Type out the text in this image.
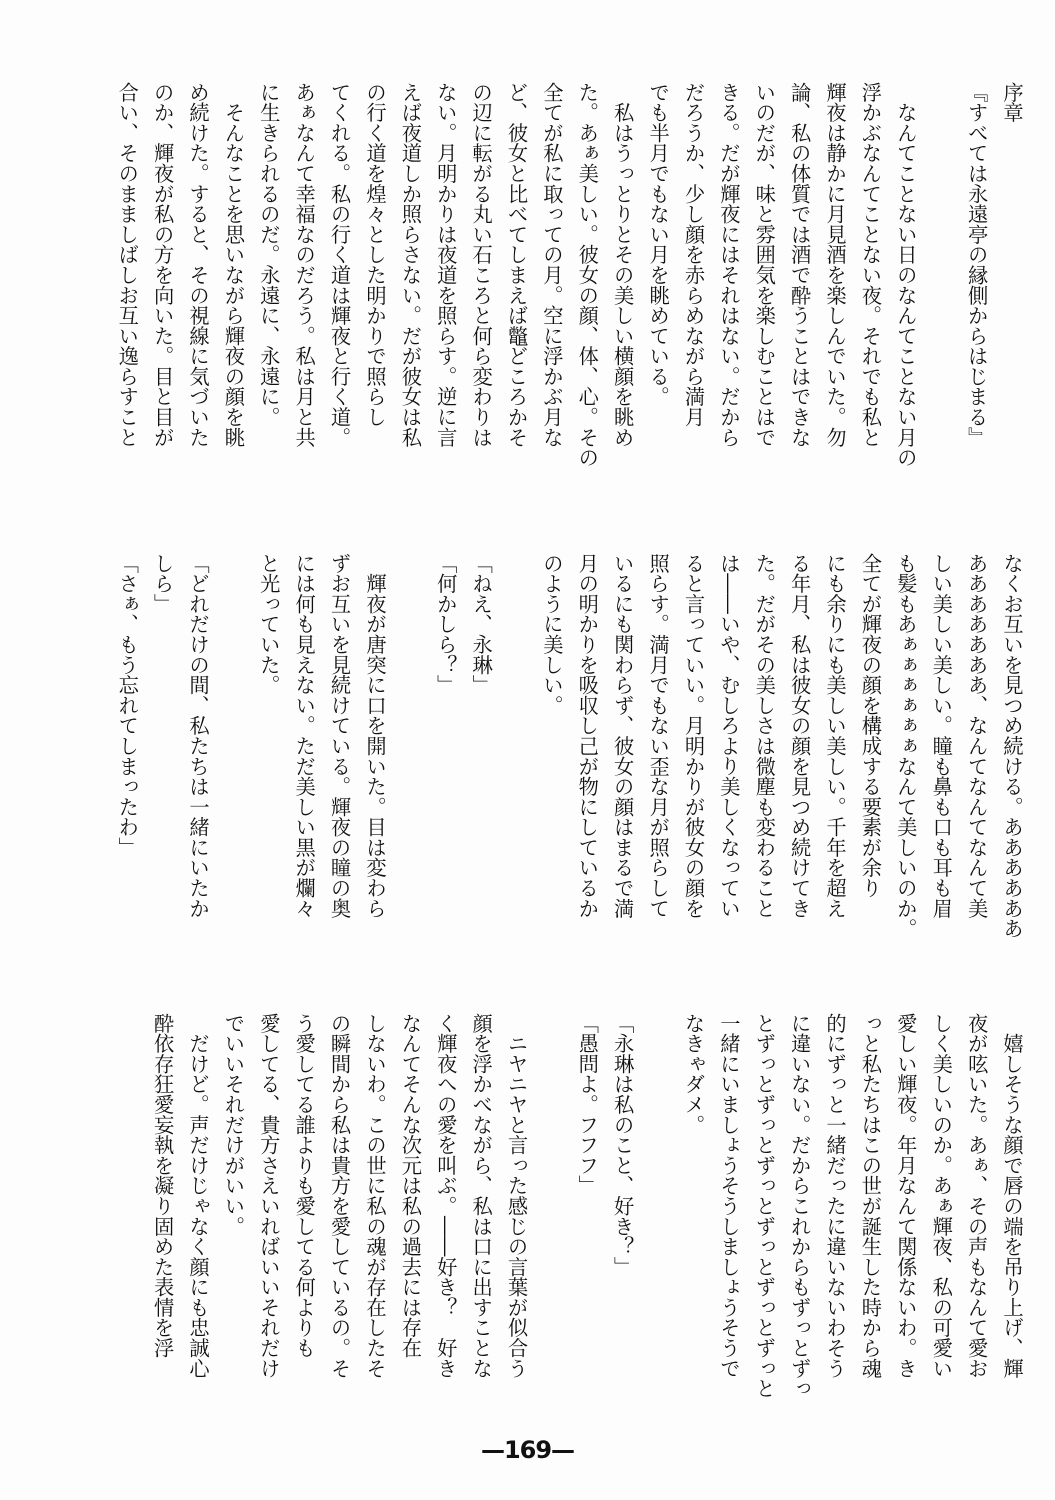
序章
『すべては永遠亭の縁側からはじまる』
　なんてことない日のなんてことない月の
浮かぶなんてことない夜。それでも私と
輝夜は静かに月見酒を楽しんでいた。勿
論、私の体質では酒で酔うことはできな
いのだが、味と雰囲気を楽しむことはで
きる。だが輝夜にはそれはない。だから
だろうか、少し顔を赤らめながら満月
でも半月でもない月を眺めている。
　私はうっとりとその美しい横顔を眺め
た。あぁ美しい。彼女の顔、体、心。その
全てが私に取っての月。空に浮かぶ月な
ど、彼女と比べてしまえば鼈どころかそ
の辺に転がる丸い石ころと何ら変わりは
ない。月明かりは夜道を照らす。逆に言
えば夜道しか照らさない。だが彼女は私
の行く道を煌々とした明かりで照らし
てくれる。私の行く道は輝夜と行く道。
あぁなんて幸福なのだろう。私は月と共
に生きられるのだ。永遠に、永遠に。
　そんなことを思いながら輝夜の顔を眺
め続けた。すると、その視線に気づいた
のか、輝夜が私の方を向いた。目と目が
合い、そのまましばしお互い逸らすこと
なくお互いを見つめ続ける。ああああああ
あああああああ、なんてなんてなんて美
しい美しい美しい。瞳も鼻も口も耳も眉
も髪もあぁぁぁぁぁぁなんて美しいのか。
全てが輝夜の顔を構成する要素が余り
にも余りにも美しい美しい。千年を超え
る年月、私は彼女の顔を見つめ続けてき
た。だがその美しさは微塵も変わること
は――いや、むしろより美しくなってい
ると言っていい。月明かりが彼女の顔を
照らす。満月でもない歪な月が照らして
いるにも関わらず、彼女の顔はまるで満
月の明かりを吸収し己が物にしているか
のように美しい。
「ねえ、永琳」
「何かしら？」
　輝夜が唐突に口を開いた。目は変わら
ずお互いを見続けている。輝夜の瞳の奥
には何も見えない。ただ美しい黒が爛々
と光っていた。
「どれだけの間、私たちは一緒にいたか
しら」
「さぁ、もう忘れてしまったわ」
　嬉しそうな顔で唇の端を吊り上げ、輝
夜が呟いた。あぁ、その声もなんて愛お
しく美しいのか。あぁ輝夜、私の可愛い
愛しい輝夜。年月なんて関係ないわ。き
っと私たちはこの世が誕生した時から魂
的にずっと一緒だったに違いないわそう
に違いない。だからこれからもずっとずっ
とずっとずっとずっとずっとずっとずっと
一緒にいましょうそうしましょうそうで
なきゃダメ。
「永琳は私のこと、好き？」
「愚問よ。フフフ」
　ニヤニヤと言った感じの言葉が似合う
顔を浮かべながら、私は口に出すことな
く輝夜への愛を叫ぶ。――好き？　好き
なんてそんな次元は私の過去には存在
しないわ。この世に私の魂が存在したそ
の瞬間から私は貴方を愛しているの。そ
う愛してる誰よりも愛してる何よりも
愛してる、貴方さえいればいいそれだけ
でいいそれだけがいい。
　だけど。声だけじゃなく顔にも忠誠心
酔依存狂愛妄執を凝り固めた表情を浮
—169—
